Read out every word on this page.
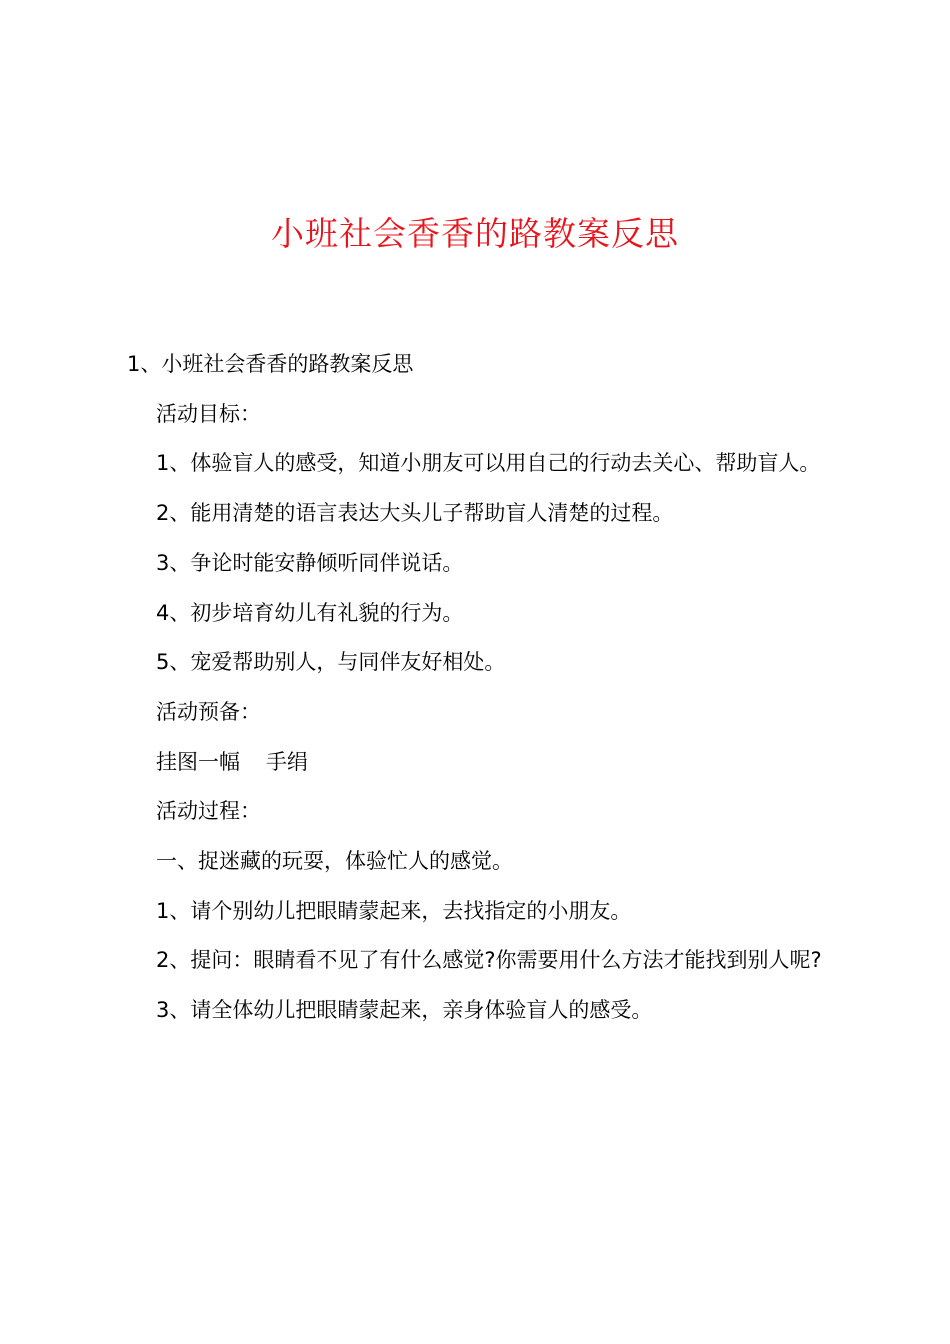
小班社会香香的路教案反思

1、小班社会香香的路教案反思

活动目标：

1、体验盲人的感受，知道小朋友可以用自己的行动去关心、帮助盲人。

2、能用清楚的语言表达大头儿子帮助盲人清楚的过程。

3、争论时能安静倾听同伴说话。

4、初步培育幼儿有礼貌的行为。

5、宠爱帮助别人，与同伴友好相处。

活动预备：

挂图一幅 手绢

活动过程：

一、捉迷藏的玩耍，体验忙人的感觉。

1、请个别幼儿把眼睛蒙起来，去找指定的小朋友。

2、提问：眼睛看不见了有什么感觉?你需要用什么方法才能找到别人呢?

3、请全体幼儿把眼睛蒙起来，亲身体验盲人的感受。
